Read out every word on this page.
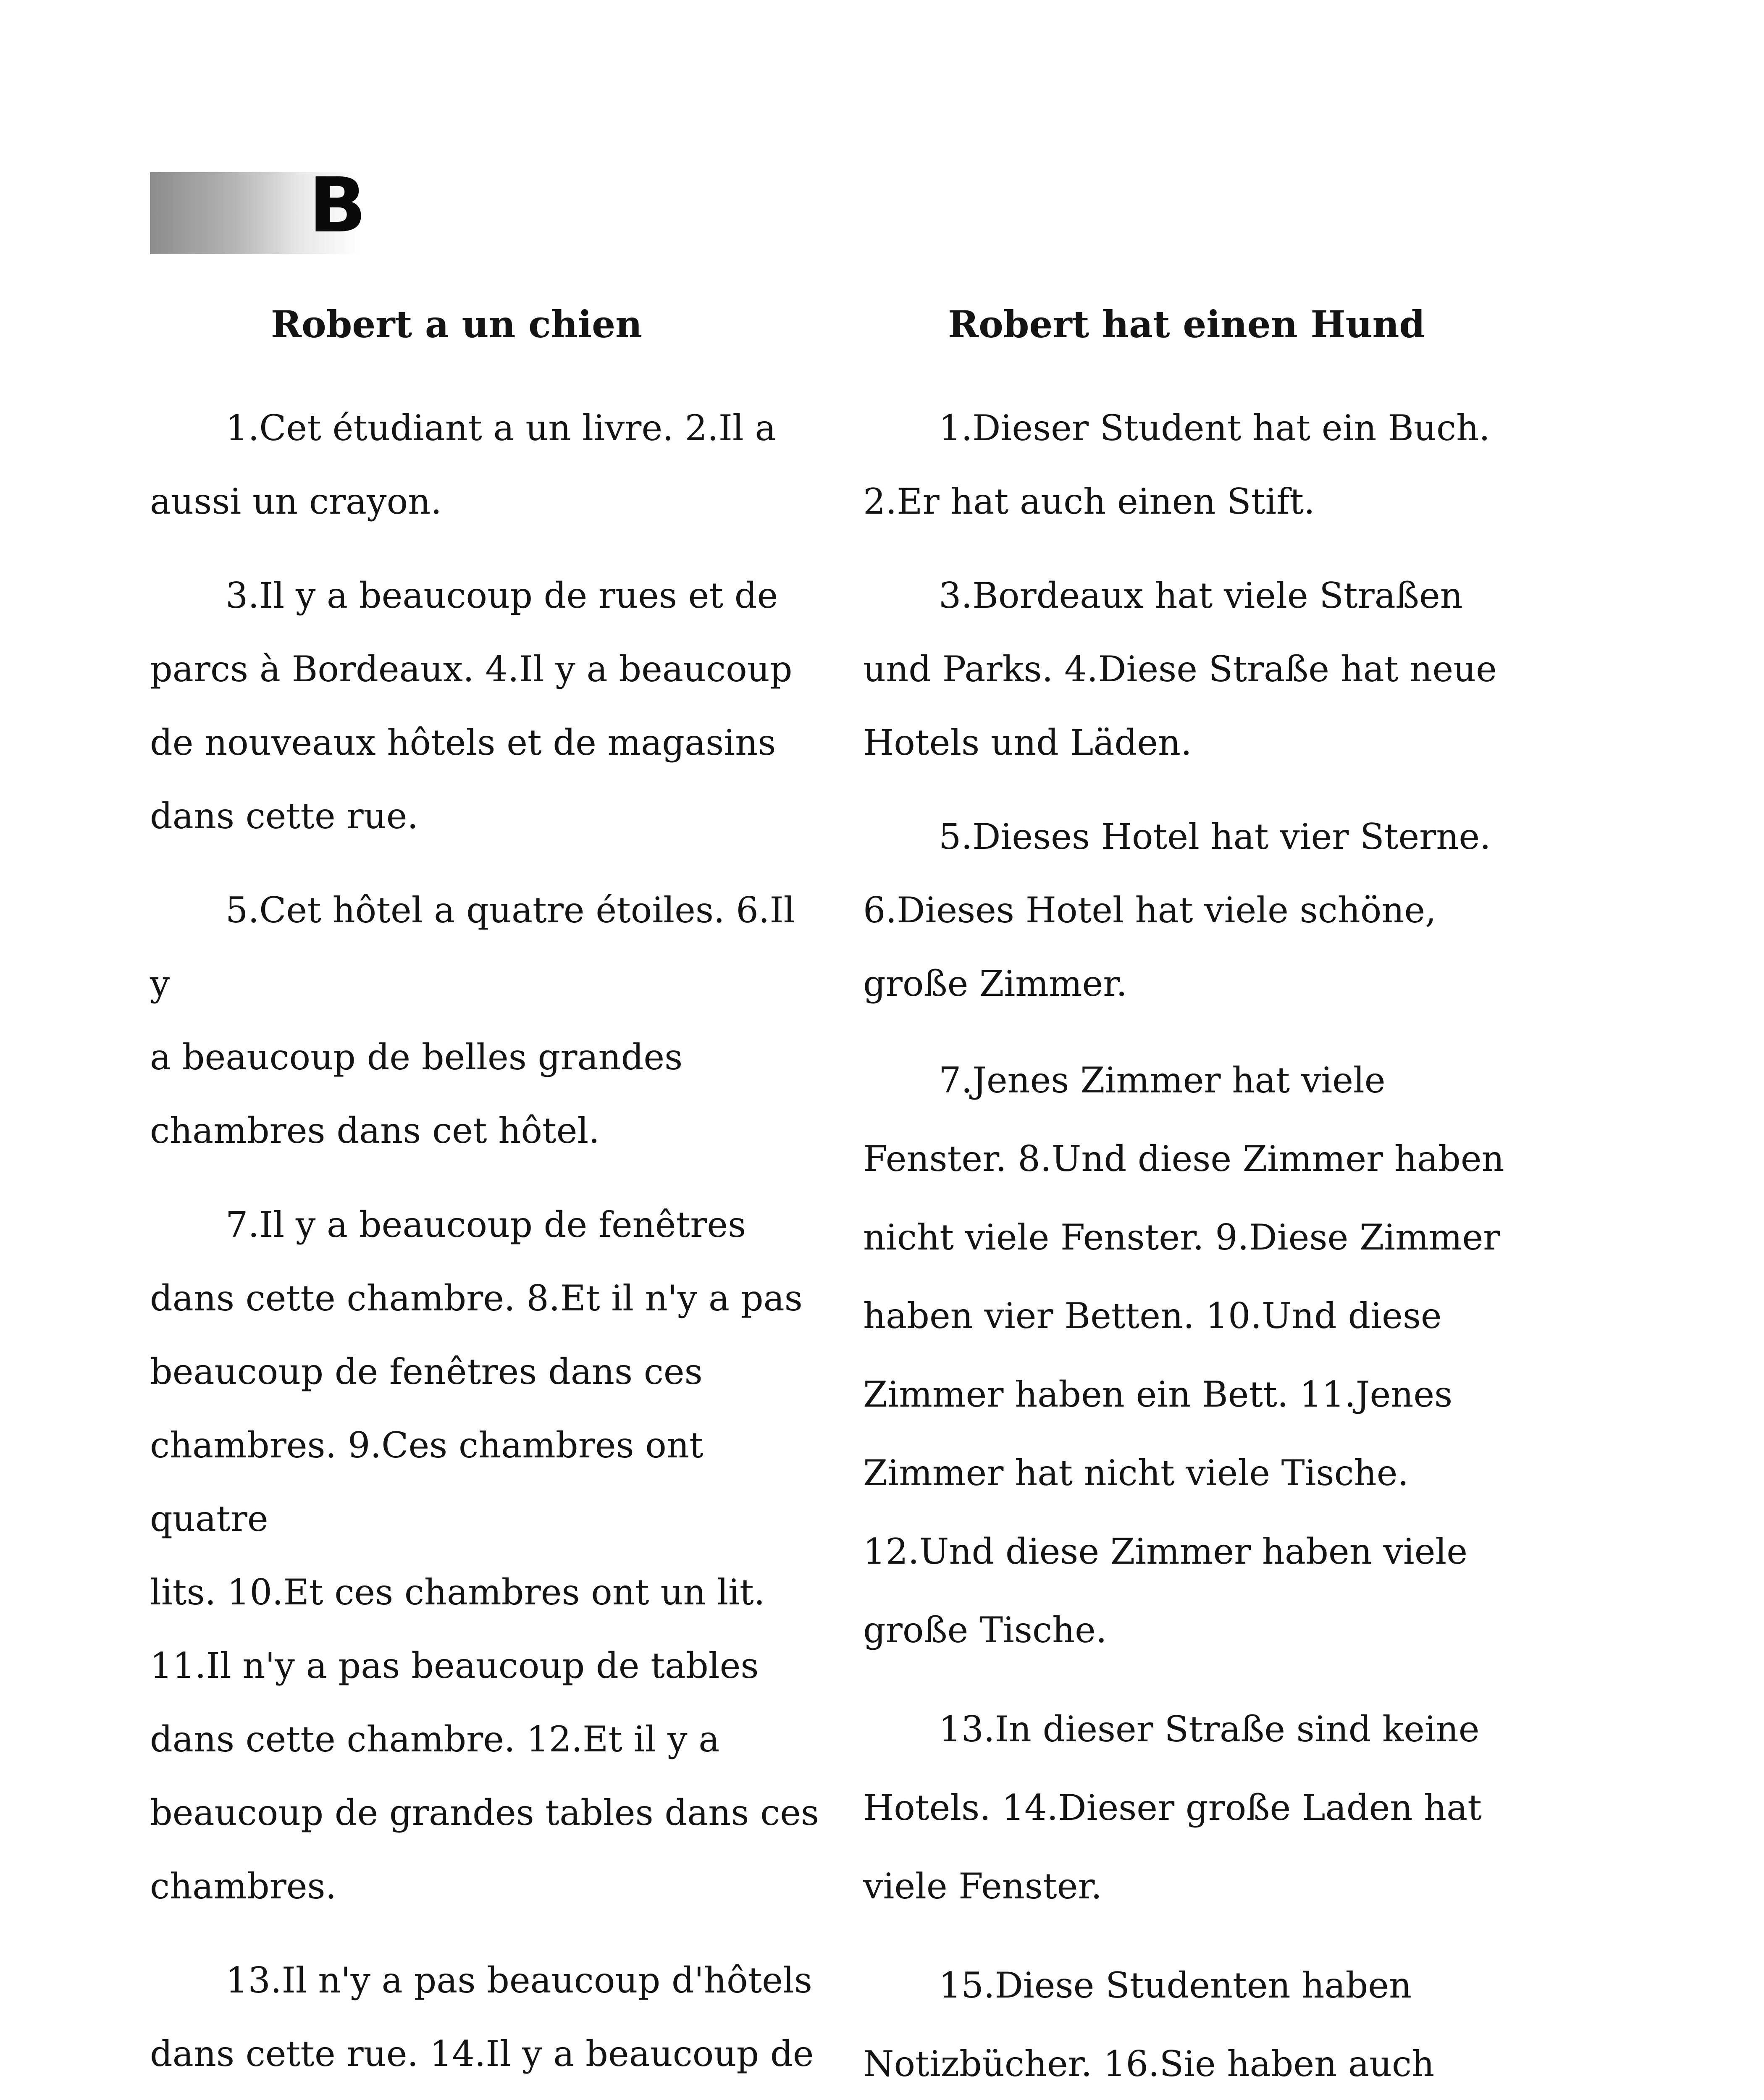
B
Robert a un chien

1.Cet étudiant a un livre. 2.Il a
aussi un crayon.

3.Il y a beaucoup de rues et de
parcs à Bordeaux. 4.Il y a beaucoup
de nouveaux hôtels et de magasins
dans cette rue.

5.Cet hôtel a quatre étoiles. 6.Il y
a beaucoup de belles grandes
chambres dans cet hôtel.

7.Il y a beaucoup de fenêtres
dans cette chambre. 8.Et il n'y a pas
beaucoup de fenêtres dans ces
chambres. 9.Ces chambres ont quatre
lits. 10.Et ces chambres ont un lit.
11.Il n'y a pas beaucoup de tables
dans cette chambre. 12.Et il y a
beaucoup de grandes tables dans ces
chambres.

13.Il n'y a pas beaucoup d'hôtels
dans cette rue. 14.Il y a beaucoup de

Robert hat einen Hund

1.Dieser Student hat ein Buch.
2.Er hat auch einen Stift.

3.Bordeaux hat viele Straßen
und Parks. 4.Diese Straße hat neue
Hotels und Läden.

5.Dieses Hotel hat vier Sterne.
6.Dieses Hotel hat viele schöne,
große Zimmer.

7.Jenes Zimmer hat viele
Fenster. 8.Und diese Zimmer haben
nicht viele Fenster. 9.Diese Zimmer
haben vier Betten. 10.Und diese
Zimmer haben ein Bett. 11.Jenes
Zimmer hat nicht viele Tische.
12.Und diese Zimmer haben viele
große Tische.

13.In dieser Straße sind keine
Hotels. 14.Dieser große Laden hat
viele Fenster.

15.Diese Studenten haben
Notizbücher. 16.Sie haben auch
